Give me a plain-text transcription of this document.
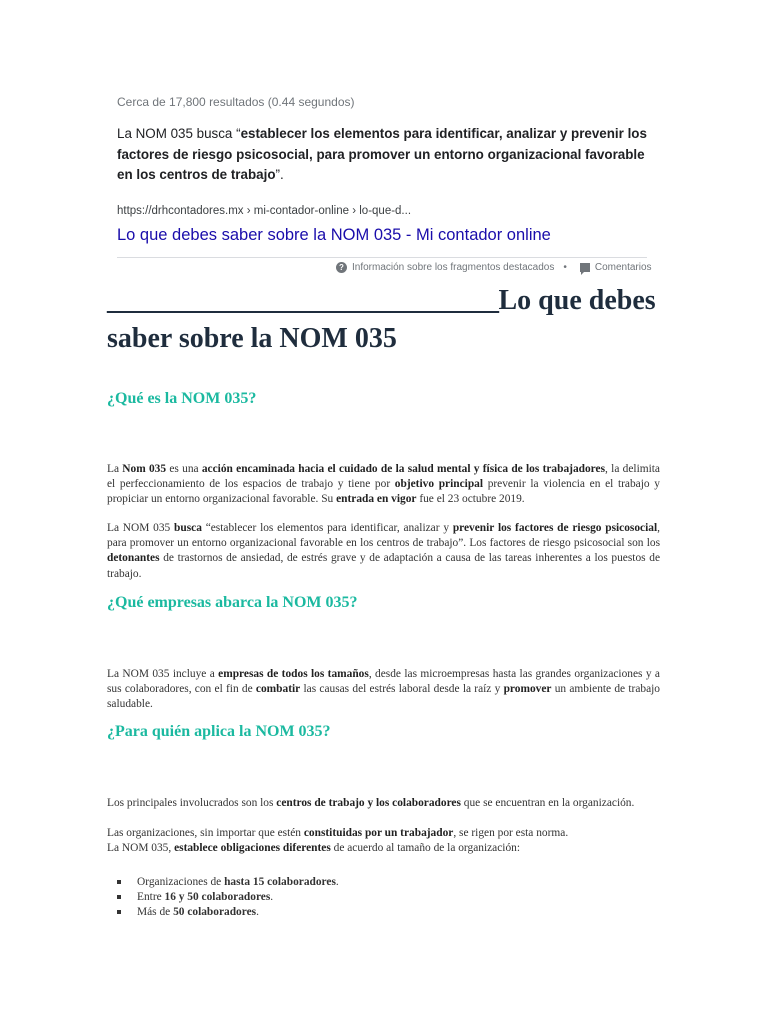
Cerca de 17,800 resultados (0.44 segundos)
La NOM 035 busca “establecer los elementos para identificar, analizar y prevenir los factores de riesgo psicosocial, para promover un entorno organizacional favorable en los centros de trabajo”.
https://drhcontadores.mx › mi-contador-online › lo-que-d...
Lo que debes saber sobre la NOM 035 - Mi contador online
? Información sobre los fragmentos destacados •	Comentarios
_____________________________Lo que debes saber sobre la NOM 035
¿Qué es la NOM 035?
La Nom 035 es una acción encaminada hacia el cuidado de la salud mental y física de los trabajadores, la delimita el perfeccionamiento de los espacios de trabajo y tiene por objetivo principal prevenir la violencia en el trabajo y propiciar un entorno organizacional favorable. Su entrada en vigor fue el 23 octubre 2019.
La NOM 035 busca “establecer los elementos para identificar, analizar y prevenir los factores de riesgo psicosocial, para promover un entorno organizacional favorable en los centros de trabajo”. Los factores de riesgo psicosocial son los detonantes de trastornos de ansiedad, de estrés grave y de adaptación a causa de las tareas inherentes a los puestos de trabajo.
¿Qué empresas abarca la NOM 035?
La NOM 035 incluye a empresas de todos los tamaños, desde las microempresas hasta las grandes organizaciones y a sus colaboradores, con el fin de combatir las causas del estrés laboral desde la raíz y promover un ambiente de trabajo saludable.
¿Para quién aplica la NOM 035?
Los principales involucrados son los centros de trabajo y los colaboradores que se encuentran en la organización.
Las organizaciones, sin importar que estén constituidas por un trabajador, se rigen por esta norma.
La NOM 035, establece obligaciones diferentes de acuerdo al tamaño de la organización:
Organizaciones de hasta 15 colaboradores.
Entre 16 y 50 colaboradores.
Más de 50 colaboradores.
